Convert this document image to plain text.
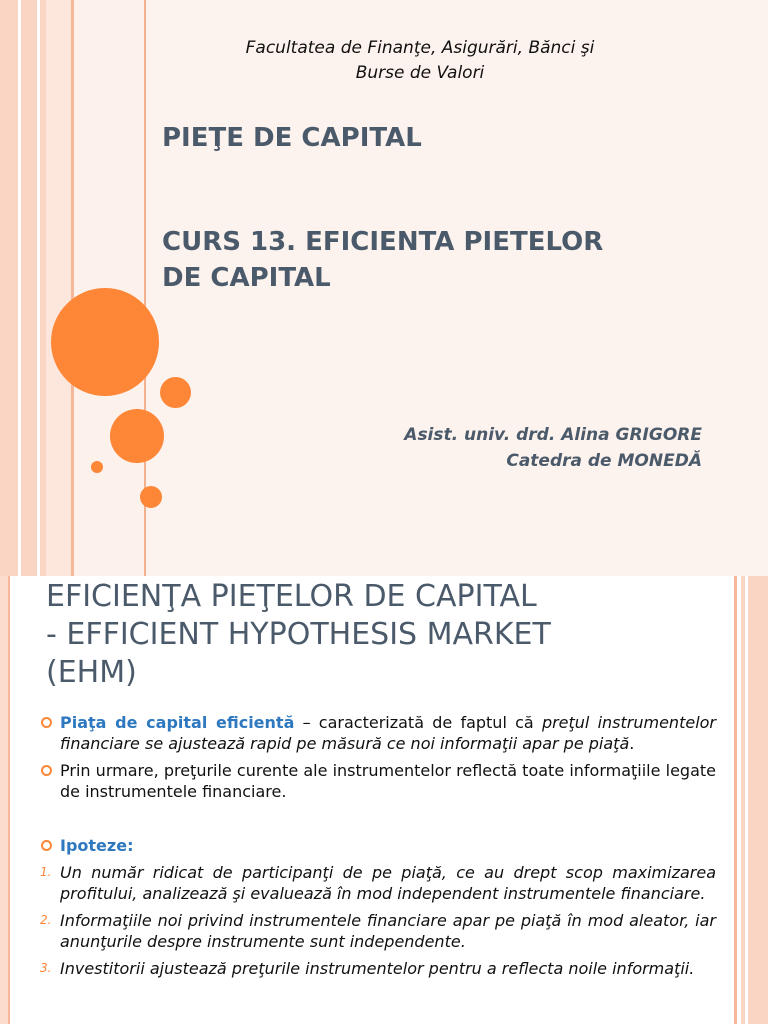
Facultatea de Finanţe, Asigurări, Bănci şi
Burse de Valori
PIEŢE DE CAPITAL
CURS 13. EFICIENTA PIETELOR
DE CAPITAL
Asist. univ. drd. Alina GRIGORE
Catedra de MONEDĂ
EFICIENŢA PIEŢELOR DE CAPITAL
- EFFICIENT HYPOTHESIS MARKET
(EHM)

Piaţa de capital eficientă – caracterizată de faptul că preţul instrumentelor financiare se ajustează rapid pe măsură ce noi informaţii apar pe piaţă.

Prin urmare, preţurile curente ale instrumentelor reflectă toate informaţiile legate de instrumentele financiare.

Ipoteze:

1. Un număr ridicat de participanţi de pe piaţă, ce au drept scop maximizarea profitului, analizează şi evaluează în mod independent instrumentele financiare.

2. Informaţiile noi privind instrumentele financiare apar pe piaţă în mod aleator, iar anunţurile despre instrumente sunt independente.

3. Investitorii ajustează preţurile instrumentelor pentru a reflecta noile informaţii.
